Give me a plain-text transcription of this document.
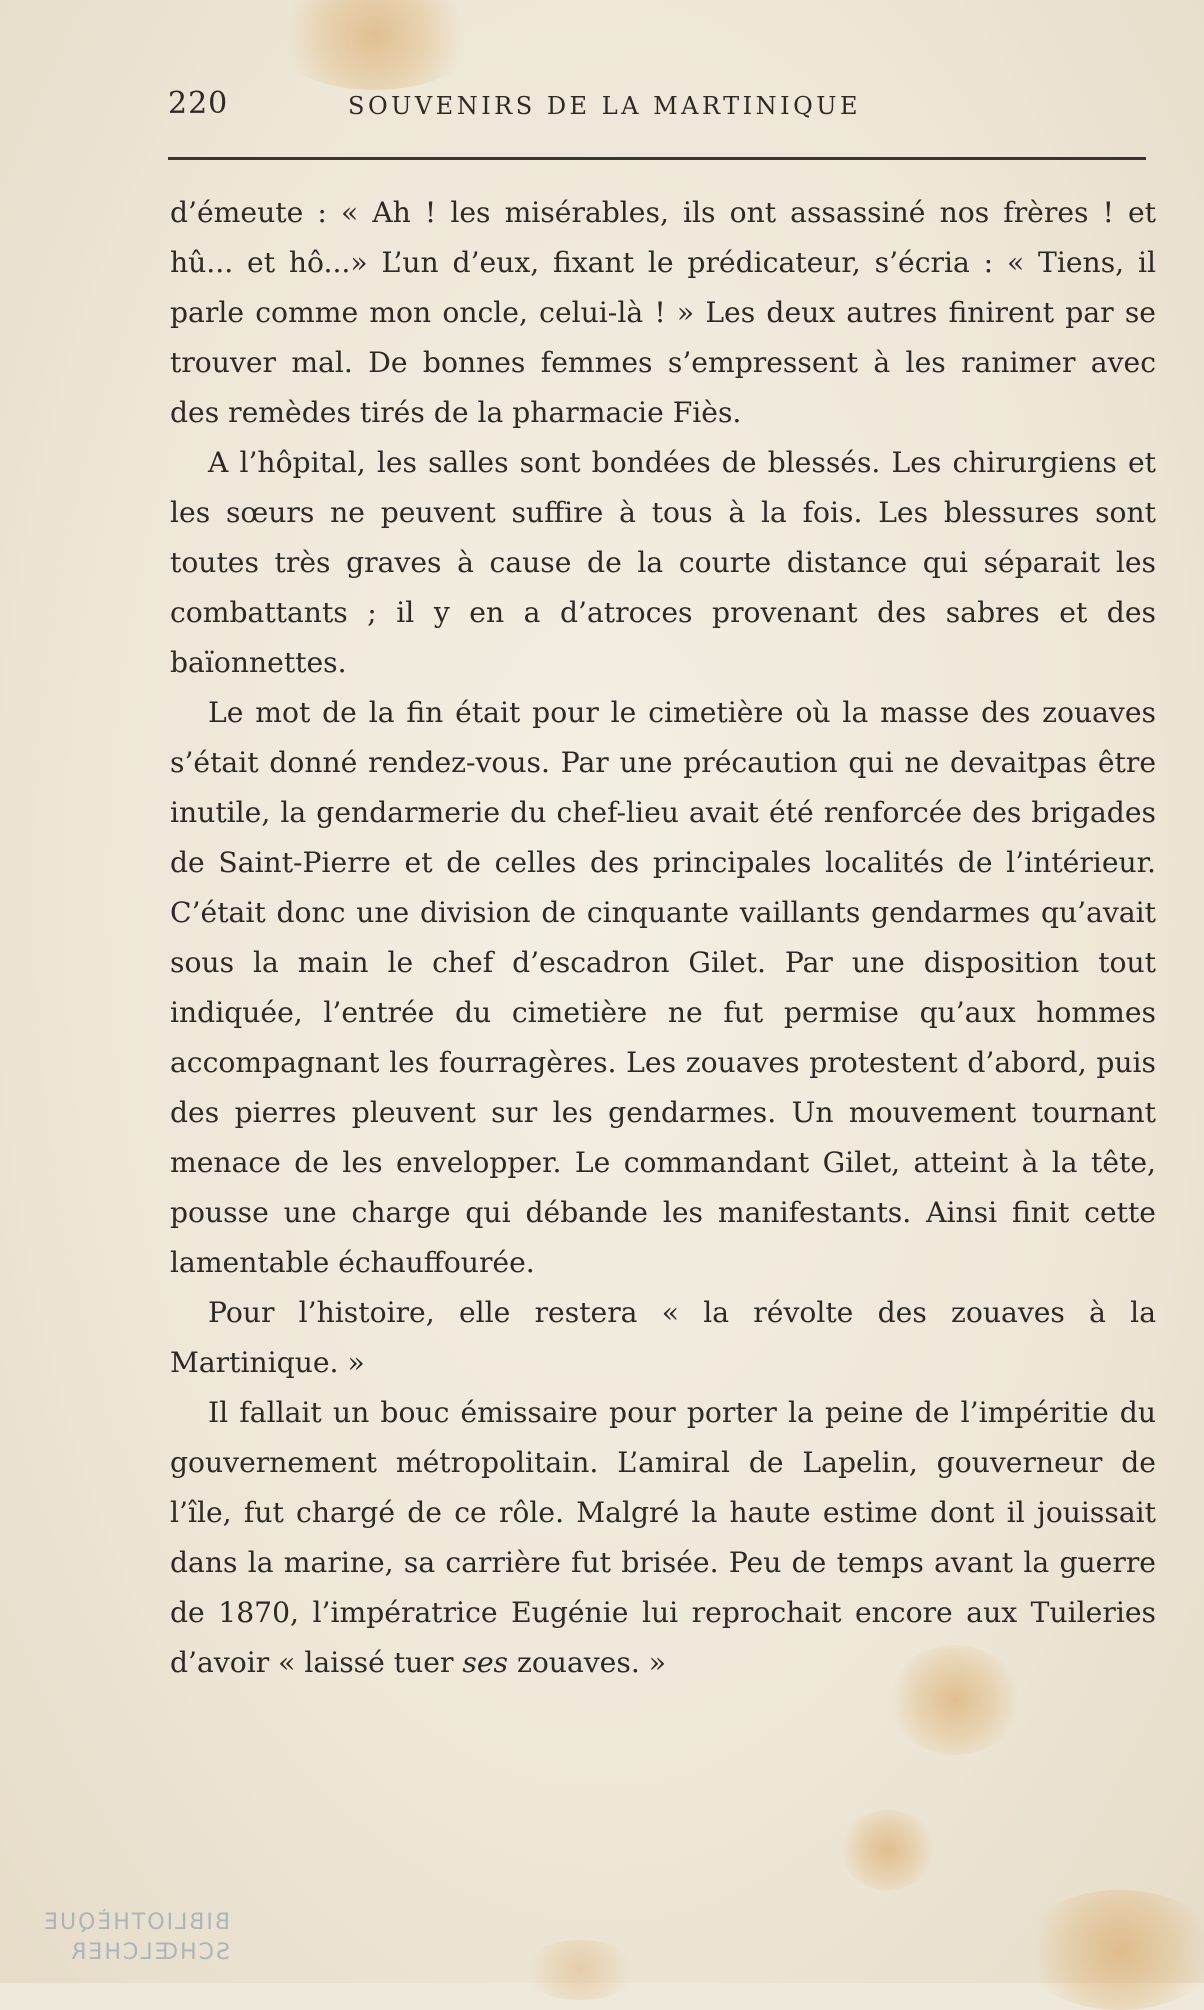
220	SOUVENIRS DE LA MARTINIQUE

d’émeute : « Ah ! les misérables, ils ont assassiné nos frères ! et hû... et hô...» L’un d’eux, fixant le prédicateur, s’écria : « Tiens, il parle comme mon oncle, celui-là ! » Les deux autres finirent par se trouver mal. De bonnes femmes s’empressent à les ranimer avec des remèdes tirés de la pharmacie Fiès.

A l’hôpital, les salles sont bondées de blessés. Les chirurgiens et les sœurs ne peuvent suffire à tous à la fois. Les blessures sont toutes très graves à cause de la courte distance qui séparait les combattants ; il y en a d’atroces provenant des sabres et des baïonnettes.

Le mot de la fin était pour le cimetière où la masse des zouaves s’était donné rendez-vous. Par une précaution qui ne devaitpas être inutile, la gendarmerie du chef-lieu avait été renforcée des brigades de Saint-Pierre et de celles des principales localités de l’intérieur. C’était donc une division de cinquante vaillants gendarmes qu’avait sous la main le chef d’escadron Gilet. Par une disposition tout indiquée, l’entrée du cimetière ne fut permise qu’aux hommes accompagnant les fourragères. Les zouaves protestent d’abord, puis des pierres pleuvent sur les gendarmes. Un mouvement tournant menace de les envelopper. Le commandant Gilet, atteint à la tête, pousse une charge qui débande les manifestants. Ainsi finit cette lamentable échauffourée.

Pour l’histoire, elle restera « la révolte des zouaves à la Martinique. »

Il fallait un bouc émissaire pour porter la peine de l’impéritie du gouvernement métropolitain. L’amiral de Lapelin, gouverneur de l’île, fut chargé de ce rôle. Malgré la haute estime dont il jouissait dans la marine, sa carrière fut brisée. Peu de temps avant la guerre de 1870, l’impératrice Eugénie lui reprochait encore aux Tuileries d’avoir « laissé tuer ses zouaves. »

BIBLIOTHÈQUE
SCHŒLCHER
